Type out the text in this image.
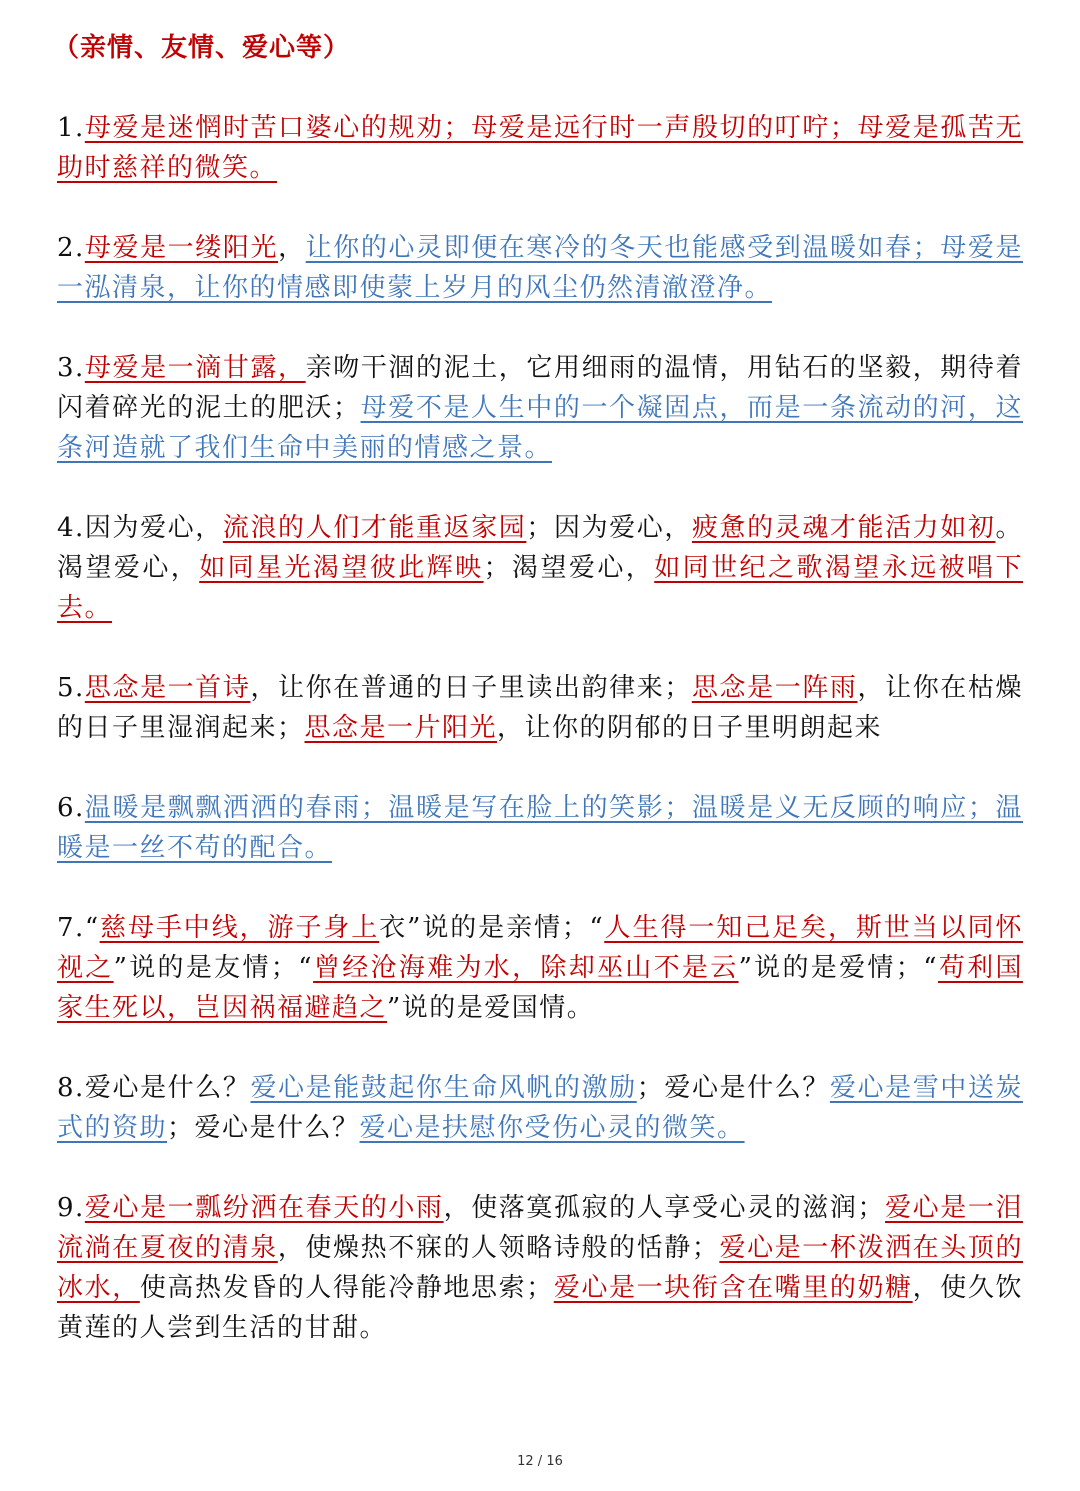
（亲情、友情、爱心等）
1.母爱是迷惘时苦口婆心的规劝；母爱是远行时一声殷切的叮咛；母爱是孤苦无助时慈祥的微笑。
2.母爱是一缕阳光，让你的心灵即便在寒冷的冬天也能感受到温暖如春；母爱是一泓清泉，让你的情感即使蒙上岁月的风尘仍然清澈澄净。
3.母爱是一滴甘露，亲吻干涸的泥土，它用细雨的温情，用钻石的坚毅，期待着闪着碎光的泥土的肥沃；母爱不是人生中的一个凝固点，而是一条流动的河，这条河造就了我们生命中美丽的情感之景。
4.因为爱心，流浪的人们才能重返家园；因为爱心，疲惫的灵魂才能活力如初。渴望爱心，如同星光渴望彼此辉映；渴望爱心，如同世纪之歌渴望永远被唱下去。
5.思念是一首诗，让你在普通的日子里读出韵律来；思念是一阵雨，让你在枯燥的日子里湿润起来；思念是一片阳光，让你的阴郁的日子里明朗起来
6.温暖是飘飘洒洒的春雨；温暖是写在脸上的笑影；温暖是义无反顾的响应；温暖是一丝不苟的配合。
7.“慈母手中线，游子身上衣”说的是亲情；“人生得一知己足矣，斯世当以同怀视之”说的是友情；“曾经沧海难为水，除却巫山不是云”说的是爱情；“苟利国家生死以，岂因祸福避趋之”说的是爱国情。
8.爱心是什么？爱心是能鼓起你生命风帆的激励；爱心是什么？爱心是雪中送炭式的资助；爱心是什么？爱心是扶慰你受伤心灵的微笑。
9.爱心是一瓢纷洒在春天的小雨，使落寞孤寂的人享受心灵的滋润；爱心是一泪流淌在夏夜的清泉，使燥热不寐的人领略诗般的恬静；爱心是一杯泼洒在头顶的冰水，使高热发昏的人得能冷静地思索；爱心是一块衔含在嘴里的奶糖，使久饮黄莲的人尝到生活的甘甜。
12 / 16
